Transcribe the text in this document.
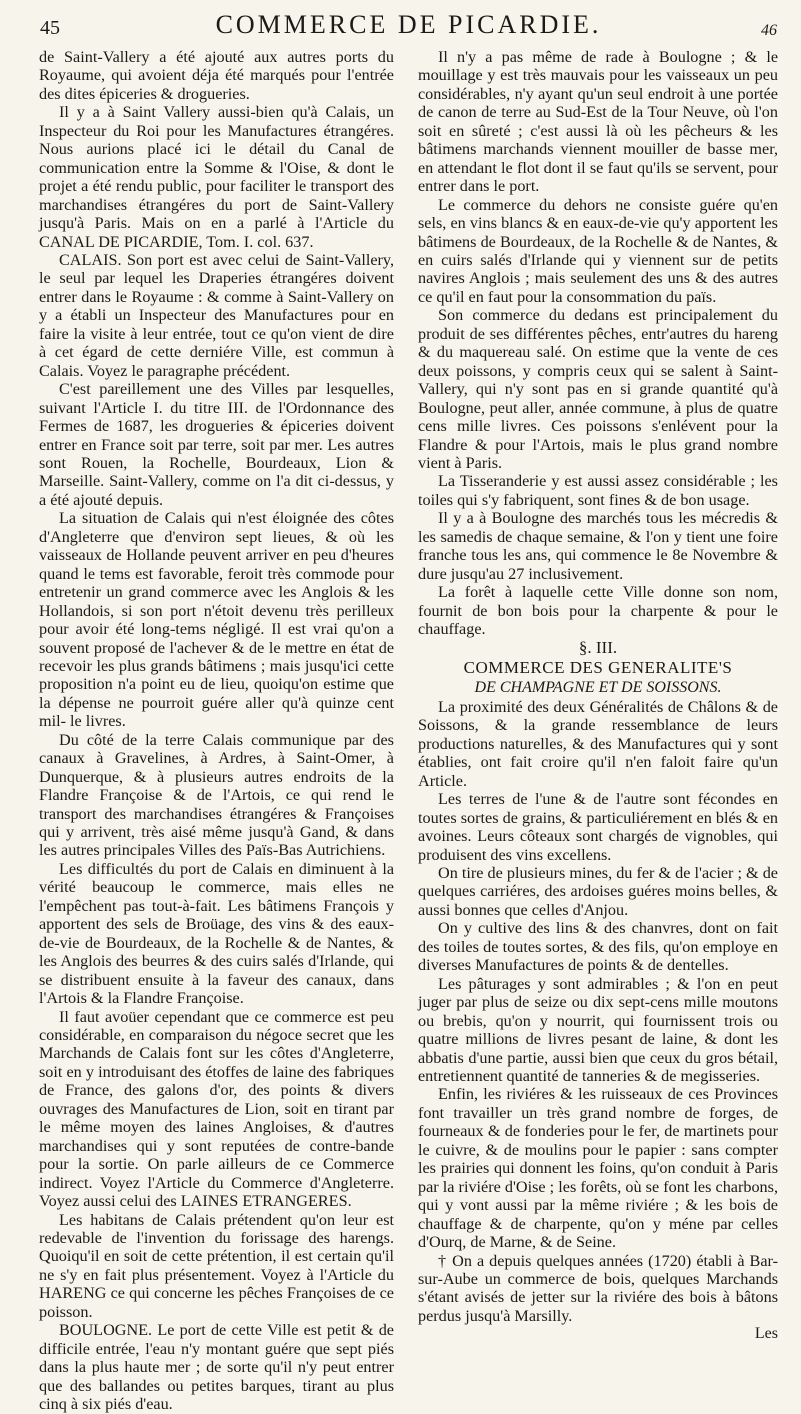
45	COMMERCE DE PICARDIE.	46

de Saint-Vallery a été ajouté aux autres ports du Royaume, qui avoient déja été marqués pour l'entrée des dites épiceries & drogueries.

Il y a à Saint Vallery aussi-bien qu'à Calais, un Inspecteur du Roi pour les Manufactures étrangéres. Nous aurions placé ici le détail du Canal de communication entre la Somme & l'Oise, & dont le projet a été rendu public, pour faciliter le transport des marchandises étrangéres du port de Saint-Vallery jusqu'à Paris. Mais on en a parlé à l'Article du CANAL DE PICARDIE, Tom. I. col. 637.

CALAIS. Son port est avec celui de Saint-Vallery, le seul par lequel les Draperies étrangéres doivent entrer dans le Royaume : & comme à Saint-Vallery on y a établi un Inspecteur des Manufactures pour en faire la visite à leur entrée, tout ce qu'on vient de dire à cet égard de cette derniére Ville, est commun à Calais. Voyez le paragraphe précédent.

C'est pareillement une des Villes par lesquelles, suivant l'Article I. du titre III. de l'Ordonnance des Fermes de 1687, les drogueries & épiceries doivent entrer en France soit par terre, soit par mer. Les autres sont Rouen, la Rochelle, Bourdeaux, Lion & Marseille. Saint-Vallery, comme on l'a dit ci-dessus, y a été ajouté depuis.

La situation de Calais qui n'est éloignée des côtes d'Angleterre que d'environ sept lieues, & où les vaisseaux de Hollande peuvent arriver en peu d'heures quand le tems est favorable, feroit très commode pour entretenir un grand commerce avec les Anglois & les Hollandois, si son port n'étoit devenu très perilleux pour avoir été long-tems négligé. Il est vrai qu'on a souvent proposé de l'achever & de le mettre en état de recevoir les plus grands bâtimens ; mais jusqu'ici cette proposition n'a point eu de lieu, quoiqu'on estime que la dépense ne pourroit guére aller qu'à quinze cent mil- le livres.

Du côté de la terre Calais communique par des canaux à Gravelines, à Ardres, à Saint-Omer, à Dunquerque, & à plusieurs autres endroits de la Flandre Françoise & de l'Artois, ce qui rend le transport des marchandises étrangéres & Françoises qui y arrivent, très aisé même jusqu'à Gand, & dans les autres principales Villes des Païs-Bas Autrichiens.

Les difficultés du port de Calais en diminuent à la vérité beaucoup le commerce, mais elles ne l'empêchent pas tout-à-fait. Les bâtimens François y apportent des sels de Broüage, des vins & des eaux-de-vie de Bourdeaux, de la Rochelle & de Nantes, & les Anglois des beurres & des cuirs salés d'Irlande, qui se distribuent ensuite à la faveur des canaux, dans l'Artois & la Flandre Françoise.

Il faut avoüer cependant que ce commerce est peu considérable, en comparaison du négoce secret que les Marchands de Calais font sur les côtes d'Angleterre, soit en y introduisant des étoffes de laine des fabriques de France, des galons d'or, des points & divers ouvrages des Manufactures de Lion, soit en tirant par le même moyen des laines Angloises, & d'autres marchandises qui y sont reputées de contre-bande pour la sortie. On parle ailleurs de ce Commerce indirect. Voyez l'Article du Commerce d'Angleterre. Voyez aussi celui des LAINES ETRANGERES.

Les habitans de Calais prétendent qu'on leur est redevable de l'invention du forissage des harengs. Quoiqu'il en soit de cette prétention, il est certain qu'il ne s'y en fait plus présentement. Voyez à l'Article du HARENG ce qui concerne les pêches Françoises de ce poisson.

BOULOGNE. Le port de cette Ville est petit & de difficile entrée, l'eau n'y montant guére que sept piés dans la plus haute mer ; de sorte qu'il n'y peut entrer que des ballandes ou petites barques, tirant au plus cinq à six piés d'eau.

Il n'y a pas même de rade à Boulogne ; & le mouillage y est très mauvais pour les vaisseaux un peu considérables, n'y ayant qu'un seul endroit à une portée de canon de terre au Sud-Est de la Tour Neuve, où l'on soit en sûreté ; c'est aussi là où les pêcheurs & les bâtimens marchands viennent mouiller de basse mer, en attendant le flot dont il se faut qu'ils se servent, pour entrer dans le port.

Le commerce du dehors ne consiste guére qu'en sels, en vins blancs & en eaux-de-vie qu'y apportent les bâtimens de Bourdeaux, de la Rochelle & de Nantes, & en cuirs salés d'Irlande qui y viennent sur de petits navires Anglois ; mais seulement des uns & des autres ce qu'il en faut pour la consommation du païs.

Son commerce du dedans est principalement du produit de ses différentes pêches, entr'autres du hareng & du maquereau salé. On estime que la vente de ces deux poissons, y compris ceux qui se salent à Saint-Vallery, qui n'y sont pas en si grande quantité qu'à Boulogne, peut aller, année commune, à plus de quatre cens mille livres. Ces poissons s'enlévent pour la Flandre & pour l'Artois, mais le plus grand nombre vient à Paris.

La Tisseranderie y est aussi assez considérable ; les toiles qui s'y fabriquent, sont fines & de bon usage.

Il y a à Boulogne des marchés tous les mécredis & les samedis de chaque semaine, & l'on y tient une foire franche tous les ans, qui commence le 8e Novembre & dure jusqu'au 27 inclusivement.

La forêt à laquelle cette Ville donne son nom, fournit de bon bois pour la charpente & pour le chauffage.

§. III.

COMMERCE DES GENERALITE'S

DE CHAMPAGNE ET DE SOISSONS.

La proximité des deux Généralités de Châlons & de Soissons, & la grande ressemblance de leurs productions naturelles, & des Manufactures qui y sont établies, ont fait croire qu'il n'en faloit faire qu'un Article.

Les terres de l'une & de l'autre sont fécondes en toutes sortes de grains, & particuliérement en blés & en avoines. Leurs côteaux sont chargés de vignobles, qui produisent des vins excellens.

On tire de plusieurs mines, du fer & de l'acier ; & de quelques carriéres, des ardoises guéres moins belles, & aussi bonnes que celles d'Anjou.

On y cultive des lins & des chanvres, dont on fait des toiles de toutes sortes, & des fils, qu'on employe en diverses Manufactures de points & de dentelles.

Les pâturages y sont admirables ; & l'on en peut juger par plus de seize ou dix sept-cens mille moutons ou brebis, qu'on y nourrit, qui fournissent trois ou quatre millions de livres pesant de laine, & dont les abbatis d'une partie, aussi bien que ceux du gros bétail, entretiennent quantité de tanneries & de megisseries.

Enfin, les riviéres & les ruisseaux de ces Provinces font travailler un très grand nombre de forges, de fourneaux & de fonderies pour le fer, de martinets pour le cuivre, & de moulins pour le papier : sans compter les prairies qui donnent les foins, qu'on conduit à Paris par la riviére d'Oise ; les forêts, où se font les charbons, qui y vont aussi par la même riviére ; & les bois de chauffage & de charpente, qu'on y méne par celles d'Ourq, de Marne, & de Seine.

† On a depuis quelques années (1720) établi à Bar-sur-Aube un commerce de bois, quelques Marchands s'étant avisés de jetter sur la riviére des bois à bâtons perdus jusqu'à Marsilly.

Les
